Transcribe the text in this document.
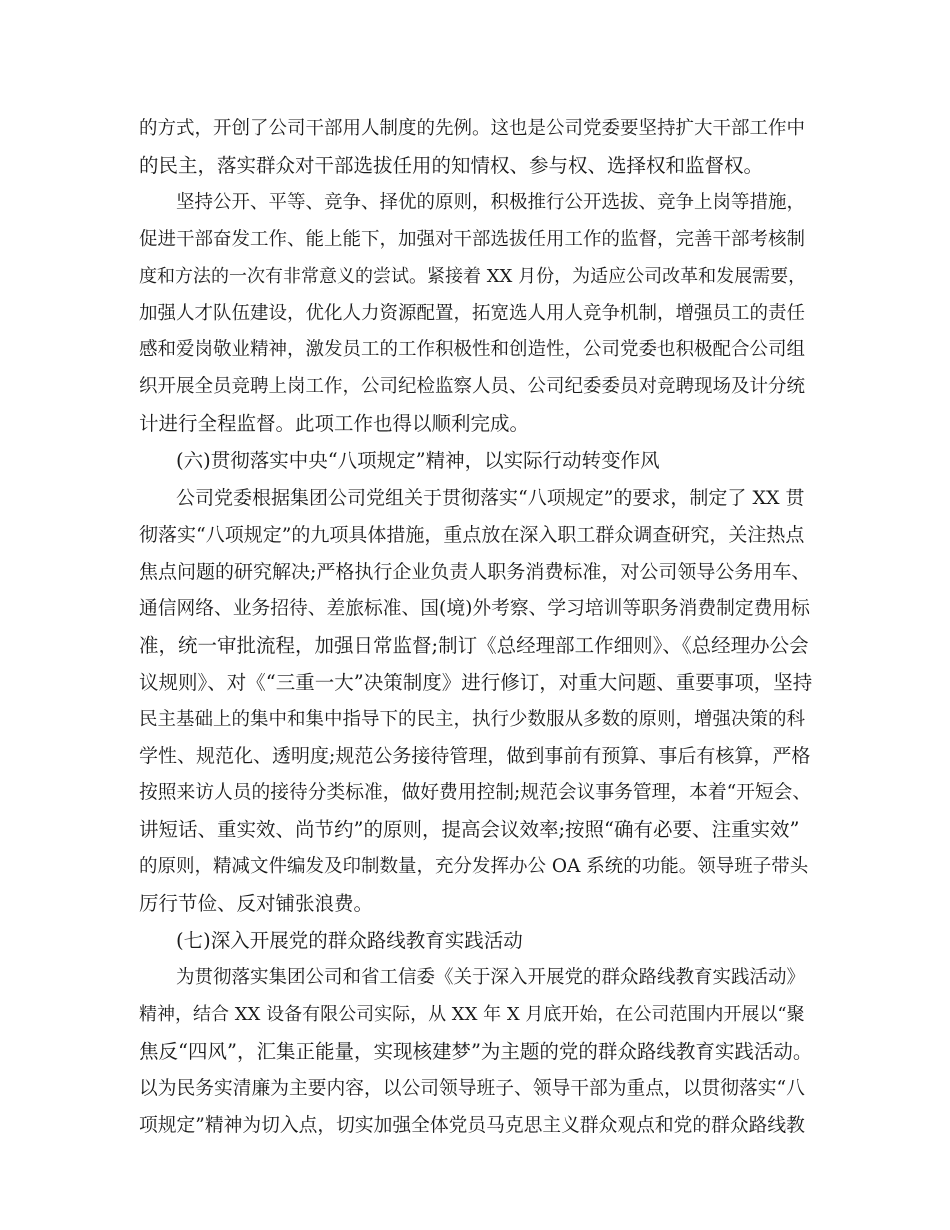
的方式，开创了公司干部用人制度的先例。这也是公司党委要坚持扩大干部工作中
的民主，落实群众对干部选拔任用的知情权、参与权、选择权和监督权。
坚持公开、平等、竞争、择优的原则，积极推行公开选拔、竞争上岗等措施，
促进干部奋发工作、能上能下，加强对干部选拔任用工作的监督，完善干部考核制
度和方法的一次有非常意义的尝试。紧接着 XX 月份，为适应公司改革和发展需要，
加强人才队伍建设，优化人力资源配置，拓宽选人用人竞争机制，增强员工的责任
感和爱岗敬业精神，激发员工的工作积极性和创造性，公司党委也积极配合公司组
织开展全员竞聘上岗工作，公司纪检监察人员、公司纪委委员对竞聘现场及计分统
计进行全程监督。此项工作也得以顺利完成。
(六)贯彻落实中央“八项规定”精神，以实际行动转变作风
公司党委根据集团公司党组关于贯彻落实“八项规定”的要求，制定了 XX 贯
彻落实“八项规定”的九项具体措施，重点放在深入职工群众调查研究，关注热点
焦点问题的研究解决;严格执行企业负责人职务消费标准，对公司领导公务用车、
通信网络、业务招待、差旅标准、国(境)外考察、学习培训等职务消费制定费用标
准，统一审批流程，加强日常监督;制订《总经理部工作细则》、《总经理办公会
议规则》、对《“三重一大”决策制度》进行修订，对重大问题、重要事项，坚持
民主基础上的集中和集中指导下的民主，执行少数服从多数的原则，增强决策的科
学性、规范化、透明度;规范公务接待管理，做到事前有预算、事后有核算，严格
按照来访人员的接待分类标准，做好费用控制;规范会议事务管理，本着“开短会、
讲短话、重实效、尚节约”的原则，提高会议效率;按照“确有必要、注重实效”
的原则，精减文件编发及印制数量，充分发挥办公 OA 系统的功能。领导班子带头
厉行节俭、反对铺张浪费。
(七)深入开展党的群众路线教育实践活动
为贯彻落实集团公司和省工信委《关于深入开展党的群众路线教育实践活动》
精神，结合 XX 设备有限公司实际，从 XX 年 X 月底开始，在公司范围内开展以“聚
焦反“四风”，汇集正能量，实现核建梦”为主题的党的群众路线教育实践活动。
以为民务实清廉为主要内容，以公司领导班子、领导干部为重点，以贯彻落实“八
项规定”精神为切入点，切实加强全体党员马克思主义群众观点和党的群众路线教
